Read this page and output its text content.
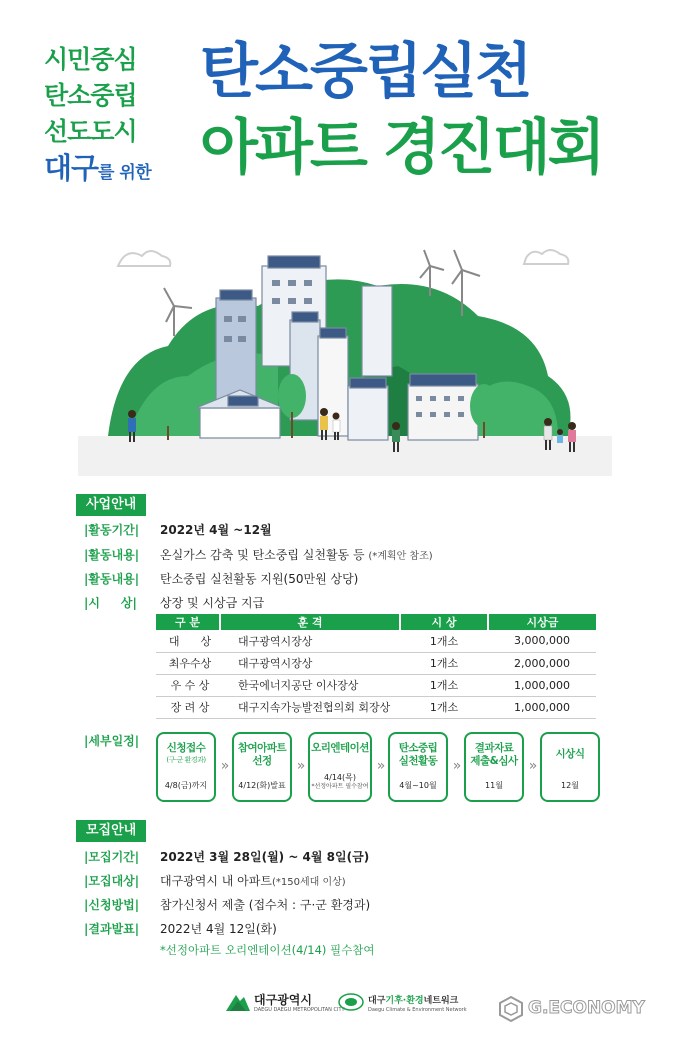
시민중심
탄소중립
선도도시
대구를 위한
탄소중립실천
아파트 경진대회
사업안내
|활동기간|	2022년 4월 ~12월
|활동내용|	온실가스 감축 및 탄소중립 실천활동 등 (*계획안 참조)
|활동내용|	탄소중립 실천활동 지원(50만원 상당)
|시     상|	상장 및 시상금 지급
구 분	훈 격	시 상	시상금
대      상	대구광역시장상	1개소	3,000,000
최우수상	대구광역시장상	1개소	2,000,000
우 수 상	한국에너지공단 이사장상	1개소	1,000,000
장 려 상	대구지속가능발전협의회 회장상	1개소	1,000,000
|세부일정|	신청접수
(구·군 환경과)
4/8(금)까지
»
참여아파트
선정
4/12(화)발표
»
오리엔테이션
4/14(목)
*선정아파트 필수참여
»
탄소중립
실천활동
4월~10월
»
결과자료
제출&심사
11월
»
시상식
12월
모집안내
|모집기간|	2022년 3월 28일(월) ~ 4월 8일(금)
|모집대상|	대구광역시 내 아파트(*150세대 이상)
|신청방법|	참가신청서 제출 (접수처 : 구·군 환경과)
|결과발표|	2022년 4월 12일(화)
*선정아파트 오리엔테이션(4/14) 필수참여
대구광역시
DAEGU DAEGU METROPOLITAN CITY
대구기후·환경네트워크
Daegu Climate & Environment Network	G.ECONOMY
